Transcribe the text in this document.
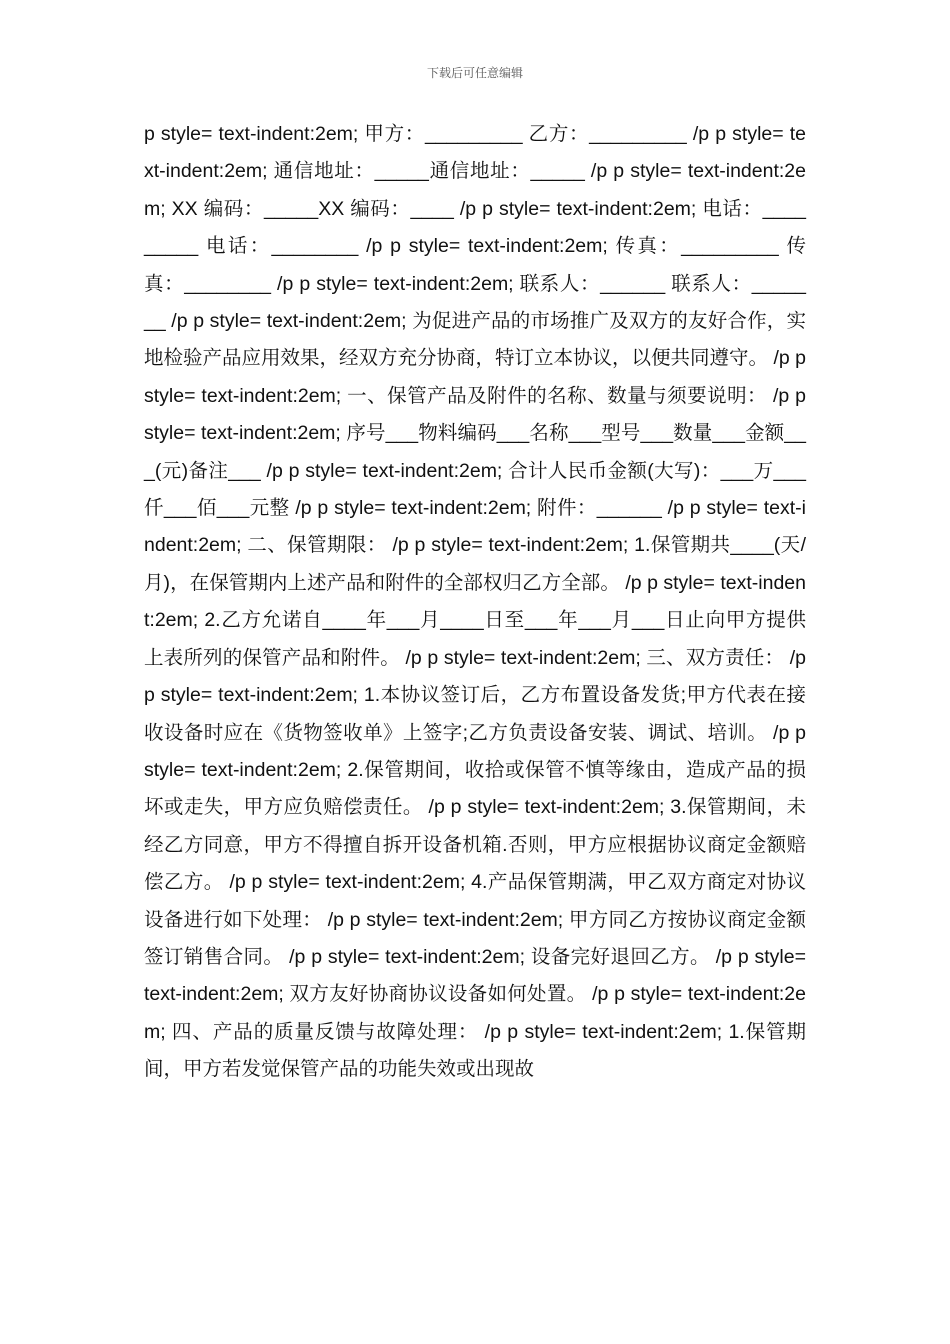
下载后可任意编辑

p style= text-indent:2em; 甲方：_________ 乙方：_________ /p p style= text-indent:2em; 通信地址：_____通信地址：_____ /p p style= text-indent:2em; XX 编码：_____XX 编码：____ /p p style= text-indent:2em; 电话：_________ 电话：________ /p p style= text-indent:2em; 传真：_________ 传真：________ /p p style= text-indent:2em; 联系人：______ 联系人：_______ /p p style= text-indent:2em; 为促进产品的市场推广及双方的友好合作，实地检验产品应用效果，经双方充分协商，特订立本协议，以便共同遵守。 /p p style= text-indent:2em; 一、保管产品及附件的名称、数量与须要说明： /p p style= text-indent:2em; 序号___物料编码___名称___型号___数量___金额___(元)备注___ /p p style= text-indent:2em; 合计人民币金额(大写)：___万___仟___佰___元整 /p p style= text-indent:2em; 附件：______ /p p style= text-indent:2em; 二、保管期限： /p p style= text-indent:2em; 1.保管期共____(天/月)，在保管期内上述产品和附件的全部权归乙方全部。 /p p style= text-indent:2em; 2.乙方允诺自____年___月____日至___年___月___日止向甲方提供上表所列的保管产品和附件。 /p p style= text-indent:2em; 三、双方责任： /p p style= text-indent:2em; 1.本协议签订后，乙方布置设备发货;甲方代表在接收设备时应在《货物签收单》上签字;乙方负责设备安装、调试、培训。 /p p style= text-indent:2em; 2.保管期间，收拾或保管不慎等缘由，造成产品的损坏或走失，甲方应负赔偿责任。 /p p style= text-indent:2em; 3.保管期间，未经乙方同意，甲方不得擅自拆开设备机箱.否则，甲方应根据协议商定金额赔偿乙方。 /p p style= text-indent:2em; 4.产品保管期满，甲乙双方商定对协议设备进行如下处理： /p p style= text-indent:2em; 甲方同乙方按协议商定金额签订销售合同。 /p p style= text-indent:2em; 设备完好退回乙方。 /p p style= text-indent:2em; 双方友好协商协议设备如何处置。 /p p style= text-indent:2em; 四、产品的质量反馈与故障处理： /p p style= text-indent:2em; 1.保管期间，甲方若发觉保管产品的功能失效或出现故
